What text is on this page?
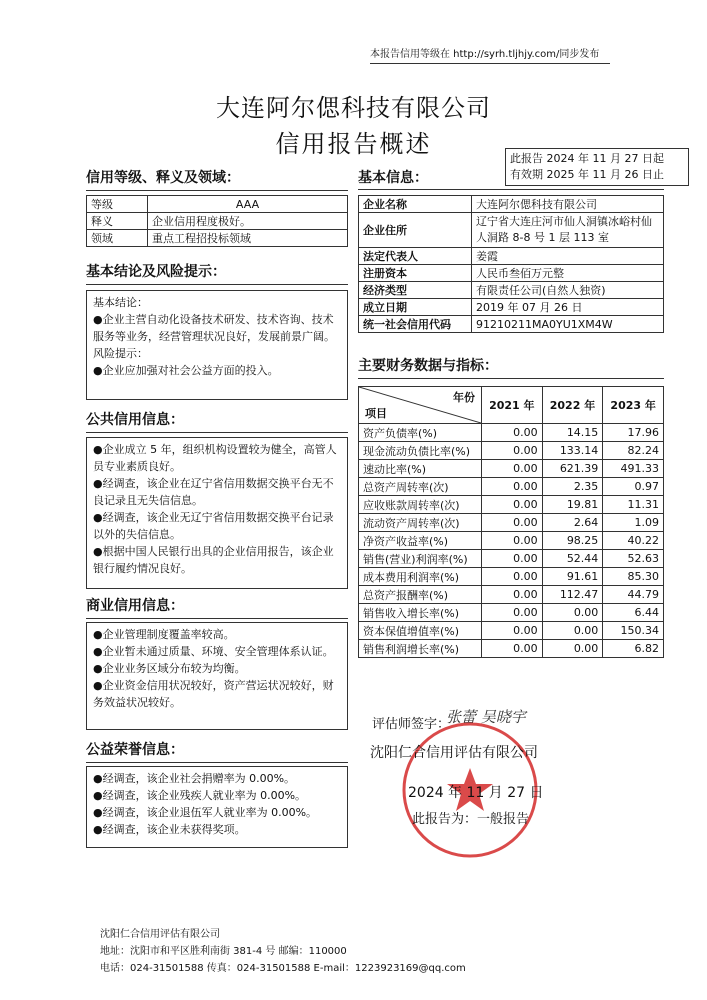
本报告信用等级在 http://syrh.tljhjy.com/同步发布
大连阿尔偲科技有限公司
信用报告概述
此报告 2024 年 11 月 27 日起
有效期 2025 年 11 月 26 日止
信用等级、释义及领域：
等级	AAA
释义	企业信用程度极好。
领域	重点工程招投标领域
基本结论及风险提示：

基本结论：

●企业主营自动化设备技术研发、技术咨询、技术服务等业务，经营管理状况良好，发展前景广阔。

风险提示：

●企业应加强对社会公益方面的投入。

公共信用信息：

●企业成立 5 年，组织机构设置较为健全，高管人员专业素质良好。

●经调查，该企业在辽宁省信用数据交换平台无不良记录且无失信信息。

●经调查，该企业无辽宁省信用数据交换平台记录以外的失信信息。

●根据中国人民银行出具的企业信用报告，该企业银行履约情况良好。

商业信用信息：

●企业管理制度覆盖率较高。

●企业暂未通过质量、环境、安全管理体系认证。

●企业业务区域分布较为均衡。

●企业资金信用状况较好，资产营运状况较好，财务效益状况较好。

公益荣誉信息：

●经调查，该企业社会捐赠率为 0.00%。

●经调查，该企业残疾人就业率为 0.00%。

●经调查，该企业退伍军人就业率为 0.00%。

●经调查，该企业未获得奖项。

基本信息：
企业名称	大连阿尔偲科技有限公司
企业住所	辽宁省大连庄河市仙人洞镇冰峪村仙人洞路 8-8 号 1 层 113 室
法定代表人	姜霞
注册资本	人民币叁佰万元整
经济类型	有限责任公司(自然人独资)
成立日期	2019 年 07 月 26 日
统一社会信用代码	91210211MA0YU1XM4W
主要财务数据与指标：
年份
项目	2021 年	2022 年	2023 年
资产负债率(%)	0.00	14.15	17.96
现金流动负债比率(%)	0.00	133.14	82.24
速动比率(%)	0.00	621.39	491.33
总资产周转率(次)	0.00	2.35	0.97
应收账款周转率(次)	0.00	19.81	11.31
流动资产周转率(次)	0.00	2.64	1.09
净资产收益率(%)	0.00	98.25	40.22
销售(营业)利润率(%)	0.00	52.44	52.63
成本费用利润率(%)	0.00	91.61	85.30
总资产报酬率(%)	0.00	112.47	44.79
销售收入增长率(%)	0.00	0.00	6.44
资本保值增值率(%)	0.00	0.00	150.34
销售利润增长率(%)	0.00	0.00	6.82
评估师签字：
张蕾 吴晓宇
沈阳仁合信用评估有限公司
2024 年 11 月 27 日
此报告为：一般报告
沈阳仁合信用评估有限公司
地址：沈阳市和平区胜利南街 381-4 号 邮编：110000
电话：024-31501588 传真：024-31501588 E-mail：1223923169@qq.com
